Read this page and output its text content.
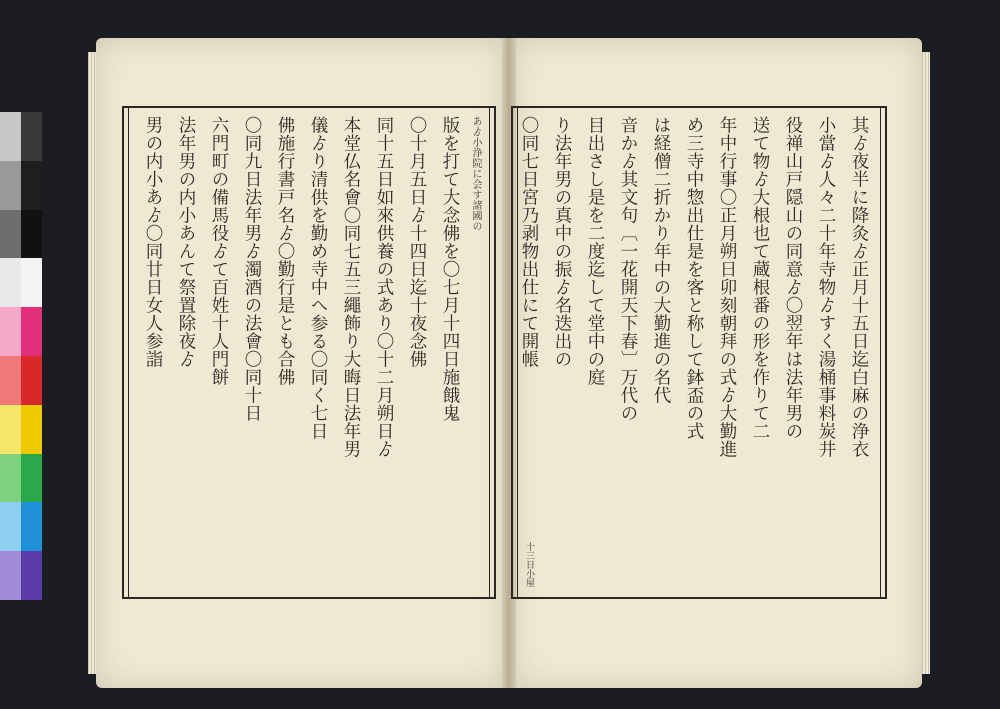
其ゟ夜半に降灸ゟ正月十五日迄白麻の浄衣
小當ゟ人々二十年寺物ゟすく湯桶事料炭井
役禅山戸隠山の同意ゟ〇翌年は法年男の
送て物ゟ大根也て蔵根番の形を作りて二
年中行事〇正月朔日卯刻朝拜の式ゟ大勤進
め三寺中惣出仕是を客と称して鉢盃の式
は経僧二折かり年中の大勤進の名代
音かゟ其文句〔一花開天下春〕万代の
目出さし是を二度迄して堂中の庭
り法年男の真中の振ゟ名迭出の
〇同七日宮乃剥物出仕にて開帳
十三日小屋
あゟ小浄院に会す諸國の
版を打て大念佛を〇七月十四日施餓鬼
〇十月五日ゟ十四日迄十夜念佛
同十五日如來供養の式あり〇十二月朔日ゟ
本堂仏名會〇同七五三繩飾り大晦日法年男
儀ゟり清供を勤め寺中へ参る〇同く七日
佛施行書戸名ゟ〇勤行是とも合佛
〇同九日法年男ゟ濁酒の法會〇同十日
六門町の備馬役ゟて百姓十人門餅
法年男の内小あんて祭置除夜ゟ
男の内小あゟ〇同廿日女人参詣
